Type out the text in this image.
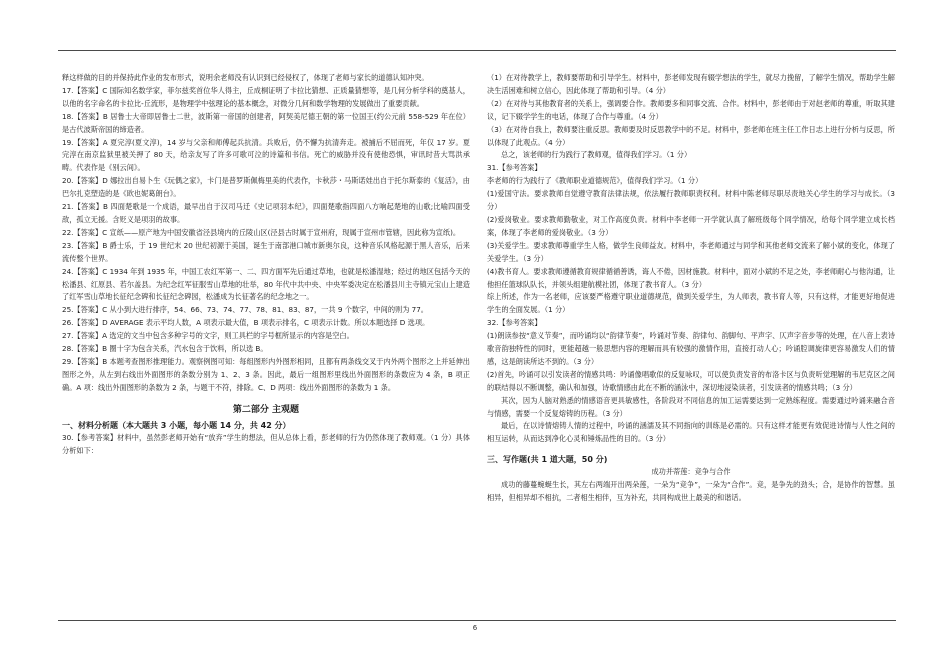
释这样做的目的并保持此作业的发布形式，说明余老师没有认识到已经侵权了，体现了老师与家长的道德认知冲突。

17.【答案】C 国际知名数学家，菲尔兹奖首位华人得主，丘成桐证明了卡拉比猜想、正质量猜想等，是几何分析学科的奠基人，以他的名字命名的卡拉比-丘流形，是物理学中弦理论的基本概念，对微分几何和数学物理的发展做出了重要贡献。

18.【答案】B 居鲁士大帝即居鲁士二世，波斯第一帝国的创建者，阿契美尼德王朝的第一位国王(约公元前 558-529 年在位）是古代波斯帝国的缔造者。

19.【答案】A 夏完淳(夏文淳)，14 岁与父亲和师傅起兵抗清。兵败后，仍不懈为抗清奔走。被捕后不屈而死，年仅 17 岁。夏完淳在南京监狱里被关押了 80 天，给亲友写了许多可歌可泣的诗篇和书信。死亡的威胁并没有使他恐惧，审讯时昔大骂洪承畴。代表作是《别云间》。

20.【答案】D 娜拉出自易卜生《玩偶之家》，卡门是普罗斯佩梅里美的代表作，卡秋莎・马斯诺娃出自于托尔斯泰的《复活》，由巴尔扎克塑造的是《欧也妮葛朗台》。

21.【答案】B 四面楚歌是一个成语，最早出自于汉司马迁《史记项羽本纪》，四面楚歌指四面八方响起楚地的山歌;比喻四面受敌，孤立无援。含贬义是项羽的故事。

22.【答案】C 宣纸——原产地为中国安徽省泾县境内的丘陵山区(泾县古时属于宣州府，现属于宣州市管辖，因此称为宣纸)。

23.【答案】B 爵士乐，于 19 世纪末 20 世纪初源于美国，诞生于南部港口城市新奥尔良，这种音乐风格起源于黑人音乐，后来流传整个世界。

24.【答案】C 1934 年到 1935 年，中国工农红军第一、二、四方面军先后通过草地，也就是松潘湿地；经过的地区包括今天的松潘县、红原县、若尔盖县。为纪念红军征服雪山草地的壮举，80 年代中共中央、中央军委决定在松潘县川主寺镇元宝山上建造了红军雪山草地长征纪念碑和长征纪念碑园，松潘成为长征著名的纪念地之一。

25.【答案】C 从小到大进行排序，54、66、73、74、77、78、81、83、87，一共 9 个数字，中间的则为 77。

26.【答案】D AVERAGE 表示平均人数，A 项表示最大值，B 项表示排名，C 项表示计数。所以本题选择 D 选项。

27.【答案】A 选定的文当中包含多种字号的文字，则工具栏的字号框所显示的内容是空白。

28.【答案】B 圈十字为包含关系，汽水包含于饮料，所以选 B。

29.【答案】B 本题考查图形推理能力。观察例图可知：每组图形内外图形相同，且都有两条线交叉于内外两个图形之上并延伸出图形之外，从左到右线出外面图形的条数分别为 1、2、3 条。因此，最后一组图形里线出外面图形的条数应为 4 条，B 项正确。A 项：线出外面图形的条数为 2 条，与题干不符，排除。C、D 两项：线出外面图形的条数为 1 条。

第二部分 主观题

一、材料分析题（本大题共 3 小题，每小题 14 分，共 42 分）

30.【参考答案】材料中，虽然彭老师开始有“放弃”学生的想法，但从总体上看，彭老师的行为仍然体现了教师观。（1 分）具体分析如下：

（1）在对待教学上，教师要帮助和引导学生。材料中，彭老师发现有辍学想法的学生，就尽力挽留，了解学生情况，帮助学生解决生活困难和树立信心，因此体现了帮助和引导。（4 分）

（2）在对待与其他教育者的关系上，强调要合作。教师要多和同事交流、合作。材料中，彭老师由于对赵老师的尊重，听取其建议，记下辍学学生的电话，体现了合作与尊重。（4 分）

（3）在对待自我上，教师要注重反思。教师要及时反思教学中的不足。材料中，彭老师在班主任工作日志上进行分析与反思，所以体现了此观点。（4 分）

总之，该老师的行为践行了教师观，值得我们学习。（1 分）

31.【参考答案】

李老师的行为践行了《教师职业道德规范》，值得我们学习。（1 分）

(1)爱国守法。要求教师自觉遵守教育法律法规，依法履行教师职责权利。材料中陈老师尽职尽责地关心学生的学习与成长。（3 分）

(2)爱岗敬业。要求教师勤敬业，对工作高度负责。材料中李老师一开学就认真了解班级每个同学情况，给每个同学建立成长档案，体现了李老师的爱岗敬业。（3 分）

(3)关爱学生。要求教师尊重学生人格，做学生良师益友。材料中，李老师通过与同学和其他老师交流来了解小斌的变化，体现了关爱学生。（3 分）

(4)教书育人。要求教师遵循教育规律循循善诱，诲人不倦，因材施教。材料中，面对小斌的不足之处，李老师耐心与他沟通，让他担任篮球队队长，并领头组建航模社团，体现了教书育人。（3 分）

综上所述，作为一名老师，应该要严格遵守职业道德规范，做到关爱学生，为人师表，教书育人等，只有这样，才能更好地促进学生的全面发展。（1 分）

32.【参考答案】

(1)朗读参按“意义节奏”，而吟诵均以“韵律节奏”，吟诵对节奏、韵律句、韵脚句、平声字、仄声字音步等的处理，在八音上表诗歌音韵独特性的同时，更能超越一般思想内容的理解而具有较强的激情作用，直接打动人心；吟诵腔调旋律更容易激发人们的情感，这是朗读所达不到的。（3 分）

(2)首先，吟诵可以引发读者的情感共鸣：吟诵像唱歌似的反复咏叹，可以使负责发音的布洛卡区与负责听觉理解的韦尼克区之间的联结得以不断调整，确认和加强，诗歌情感由此在不断的涵泳中，深切地浸染读者，引发读者的情感共鸣；（3 分）

其次，因为人脑对熟悉的情感语音更具敏感性，各阶段对不同信息的加工运需要达到一定熟练程度。需要通过吟诵来融合音与情感，需要一个反复熔铸的历程。（3 分）

最后，在以诗情熔铸人情的过程中，吟诵的涵濡及其不同指向的训练是必需的。只有这样才能更有效促进诗情与人性之间的相互运转，从而达到净化心灵和锤炼品性的目的。（3 分）

三、写作题(共 1 道大题，50 分)

成功并蒂莲：竞争与合作

成功的藤蔓蜿蜒生长，其左右两端开出两朵莲，一朵为“竞争”，一朵为“合作”。竞，是争先的劲头；合，是协作的智慧。虽相异，但相异却不相抗，二者相生相伴，互为补充，共同构成世上最美的和谐话。

6
